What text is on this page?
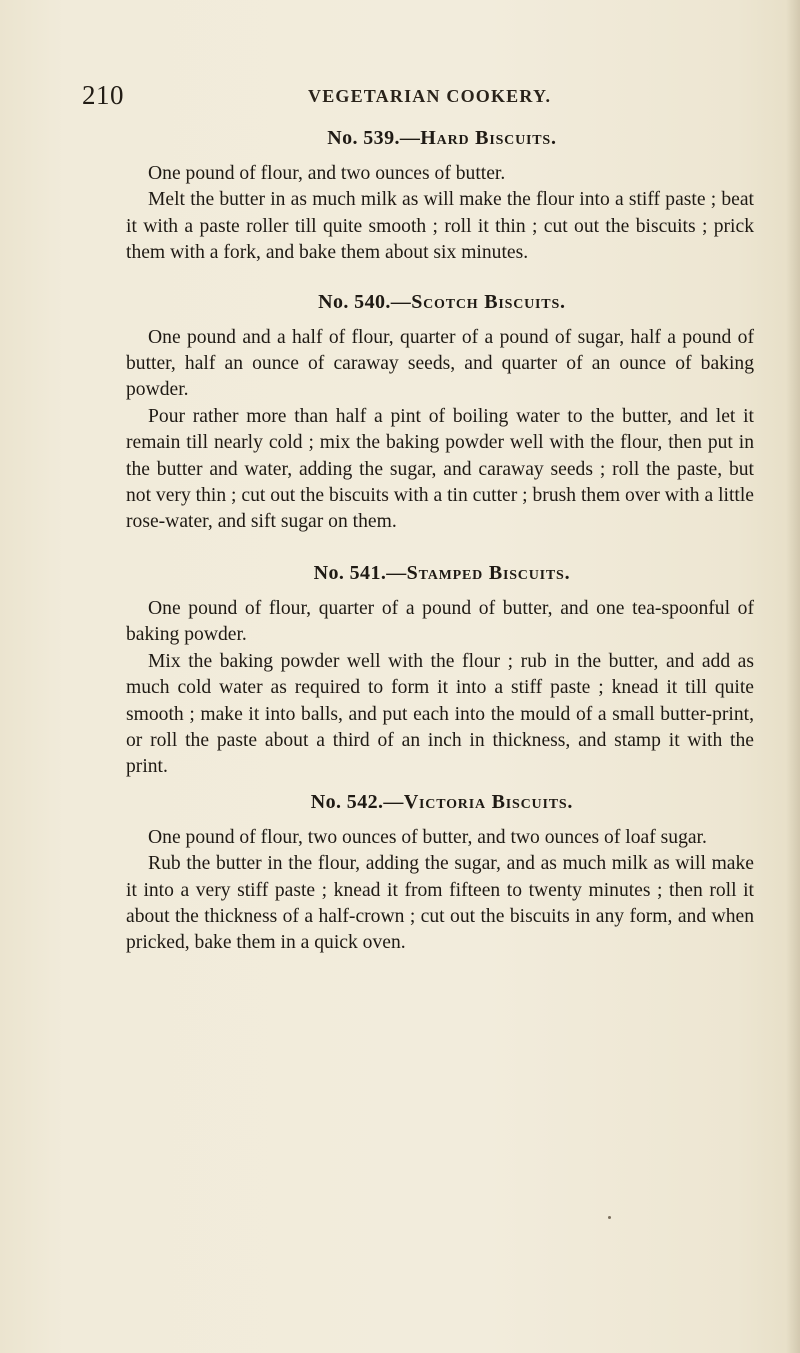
210	VEGETARIAN COOKERY.
No. 539.—Hard Biscuits.

One pound of flour, and two ounces of butter.

Melt the butter in as much milk as will make the flour into a stiff paste ; beat it with a paste roller till quite smooth ; roll it thin ; cut out the biscuits ; prick them with a fork, and bake them about six minutes.

No. 540.—Scotch Biscuits.

One pound and a half of flour, quarter of a pound of sugar, half a pound of butter, half an ounce of caraway seeds, and quarter of an ounce of baking powder.

Pour rather more than half a pint of boiling water to the butter, and let it remain till nearly cold ; mix the baking powder well with the flour, then put in the butter and water, adding the sugar, and caraway seeds ; roll the paste, but not very thin ; cut out the biscuits with a tin cutter ; brush them over with a little rose-water, and sift sugar on them.

No. 541.—Stamped Biscuits.

One pound of flour, quarter of a pound of butter, and one tea-spoonful of baking powder.

Mix the baking powder well with the flour ; rub in the butter, and add as much cold water as required to form it into a stiff paste ; knead it till quite smooth ; make it into balls, and put each into the mould of a small butter-print, or roll the paste about a third of an inch in thickness, and stamp it with the print.

No. 542.—Victoria Biscuits.

One pound of flour, two ounces of butter, and two ounces of loaf sugar.

Rub the butter in the flour, adding the sugar, and as much milk as will make it into a very stiff paste ; knead it from fifteen to twenty minutes ; then roll it about the thickness of a half-crown ; cut out the biscuits in any form, and when pricked, bake them in a quick oven.
